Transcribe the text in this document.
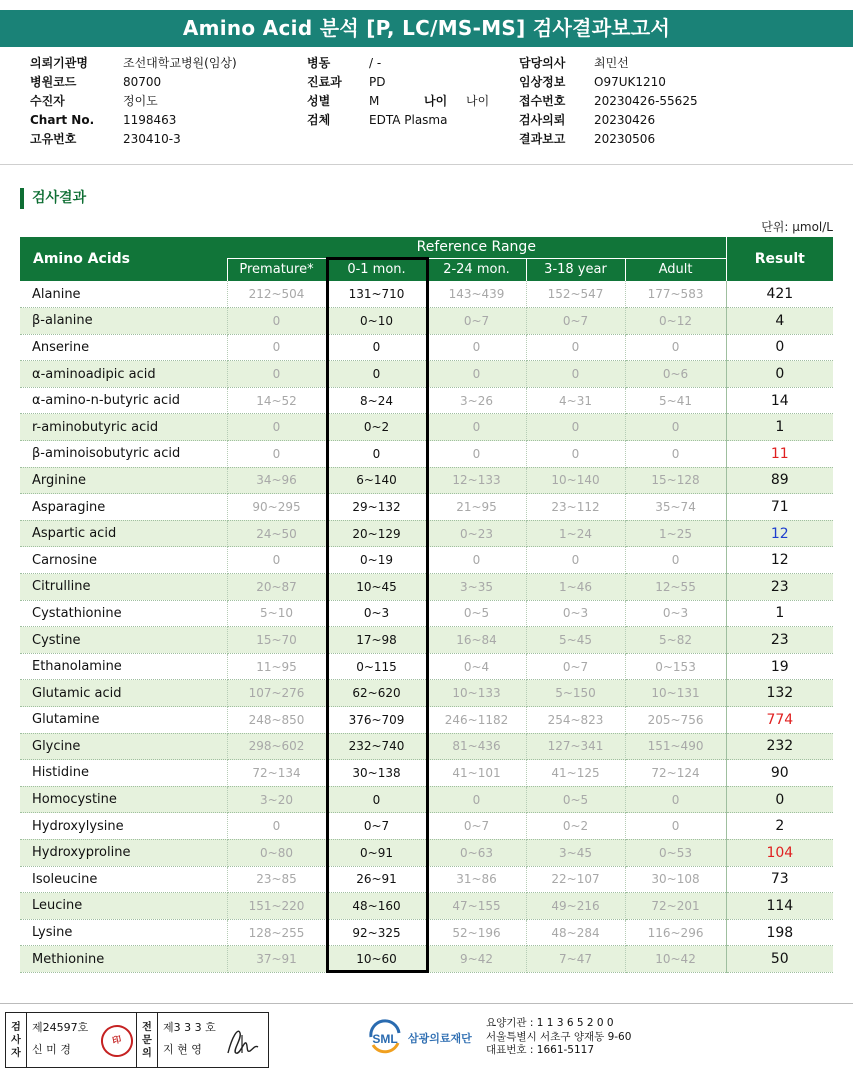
Amino Acid 분석 [P, LC/MS-MS] 검사결과보고서
의뢰기관명	조선대학교병원(임상)
병원코드	80700
수진자	정이도
Chart No.	1198463
고유번호	230410-3
병동	/ -
진료과	PD
성별	M
검체	EDTA Plasma
담당의사	최민선
임상정보	O97UK1210
접수번호	20230426-55625
검사의뢰	20230426
결과보고	20230506
나이 나이
검사결과
단위: μmol/L
Amino Acids	Reference Range					Result
	Premature*	0-1 mon.	2-24 mon.	3-18 year	Adult	
Alanine	212~504	131~710	143~439	152~547	177~583	421
β-alanine	0	0~10	0~7	0~7	0~12	4
Anserine	0	0	0	0	0	0
α-aminoadipic acid	0	0	0	0	0~6	0
α-amino-n-butyric acid	14~52	8~24	3~26	4~31	5~41	14
r-aminobutyric acid	0	0~2	0	0	0	1
β-aminoisobutyric acid	0	0	0	0	0	11
Arginine	34~96	6~140	12~133	10~140	15~128	89
Asparagine	90~295	29~132	21~95	23~112	35~74	71
Aspartic acid	24~50	20~129	0~23	1~24	1~25	12
Carnosine	0	0~19	0	0	0	12
Citrulline	20~87	10~45	3~35	1~46	12~55	23
Cystathionine	5~10	0~3	0~5	0~3	0~3	1
Cystine	15~70	17~98	16~84	5~45	5~82	23
Ethanolamine	11~95	0~115	0~4	0~7	0~153	19
Glutamic acid	107~276	62~620	10~133	5~150	10~131	132
Glutamine	248~850	376~709	246~1182	254~823	205~756	774
Glycine	298~602	232~740	81~436	127~341	151~490	232
Histidine	72~134	30~138	41~101	41~125	72~124	90
Homocystine	3~20	0	0	0~5	0	0
Hydroxylysine	0	0~7	0~7	0~2	0	2
Hydroxyproline	0~80	0~91	0~63	3~45	0~53	104
Isoleucine	23~85	26~91	31~86	22~107	30~108	73
Leucine	151~220	48~160	47~155	49~216	72~201	114
Lysine	128~255	92~325	52~196	48~284	116~296	198
Methionine	37~91	10~60	9~42	7~47	10~42	50
검
사
자
제24597호
신 미 경
印
전
문
의
제3 3 3 호
지 현 영
SML 삼광의료재단
요양기관 : 1 1 3 6 5 2 0 0
서울특별시 서초구 양재동 9-60
대표번호 : 1661-5117
